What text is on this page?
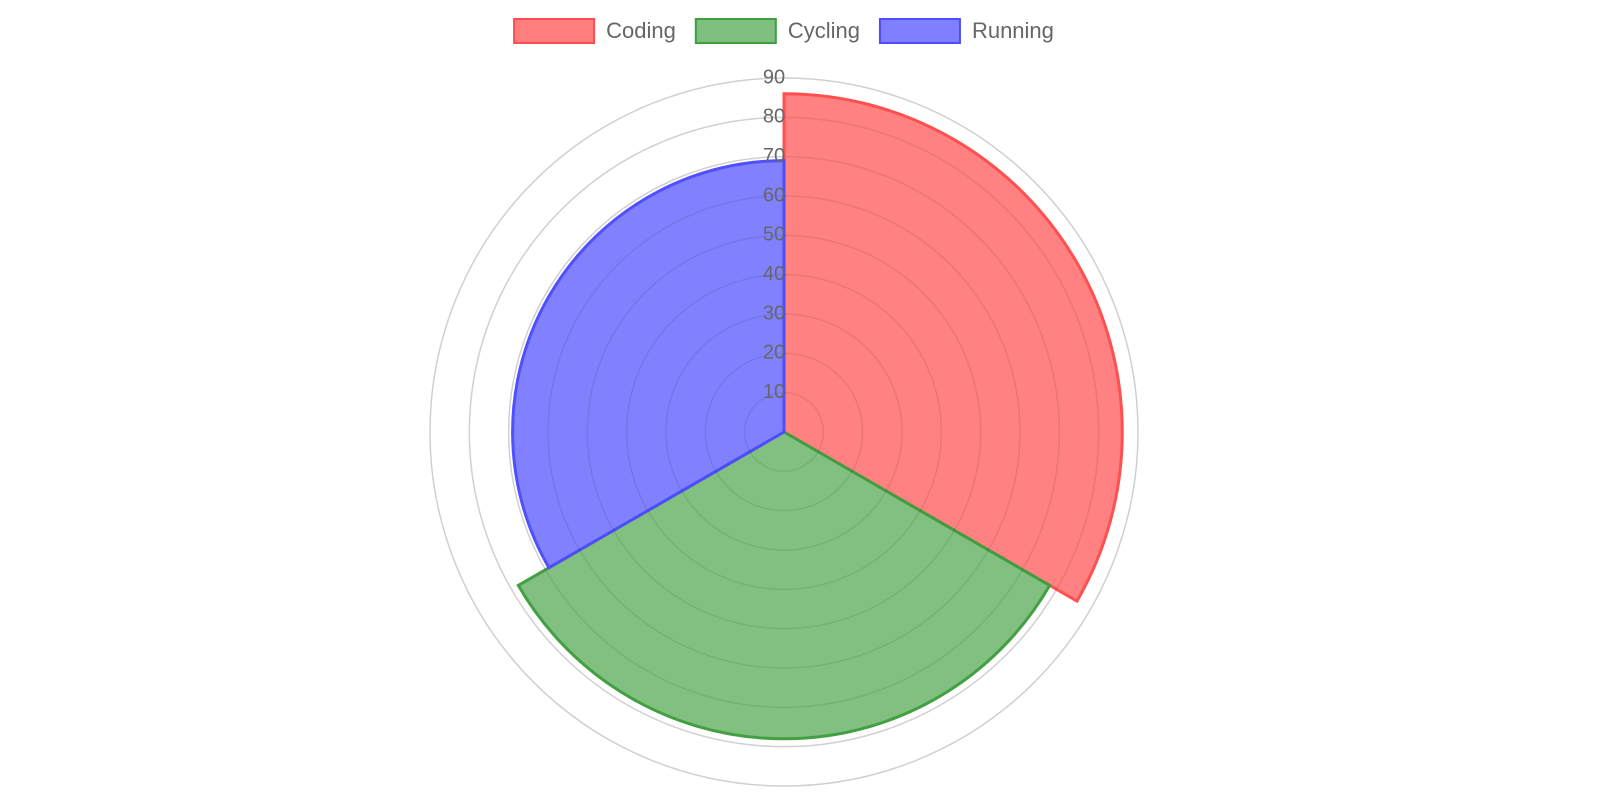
Coding	Cycling	Running
10
20
30
40
50
60
70
80
90
